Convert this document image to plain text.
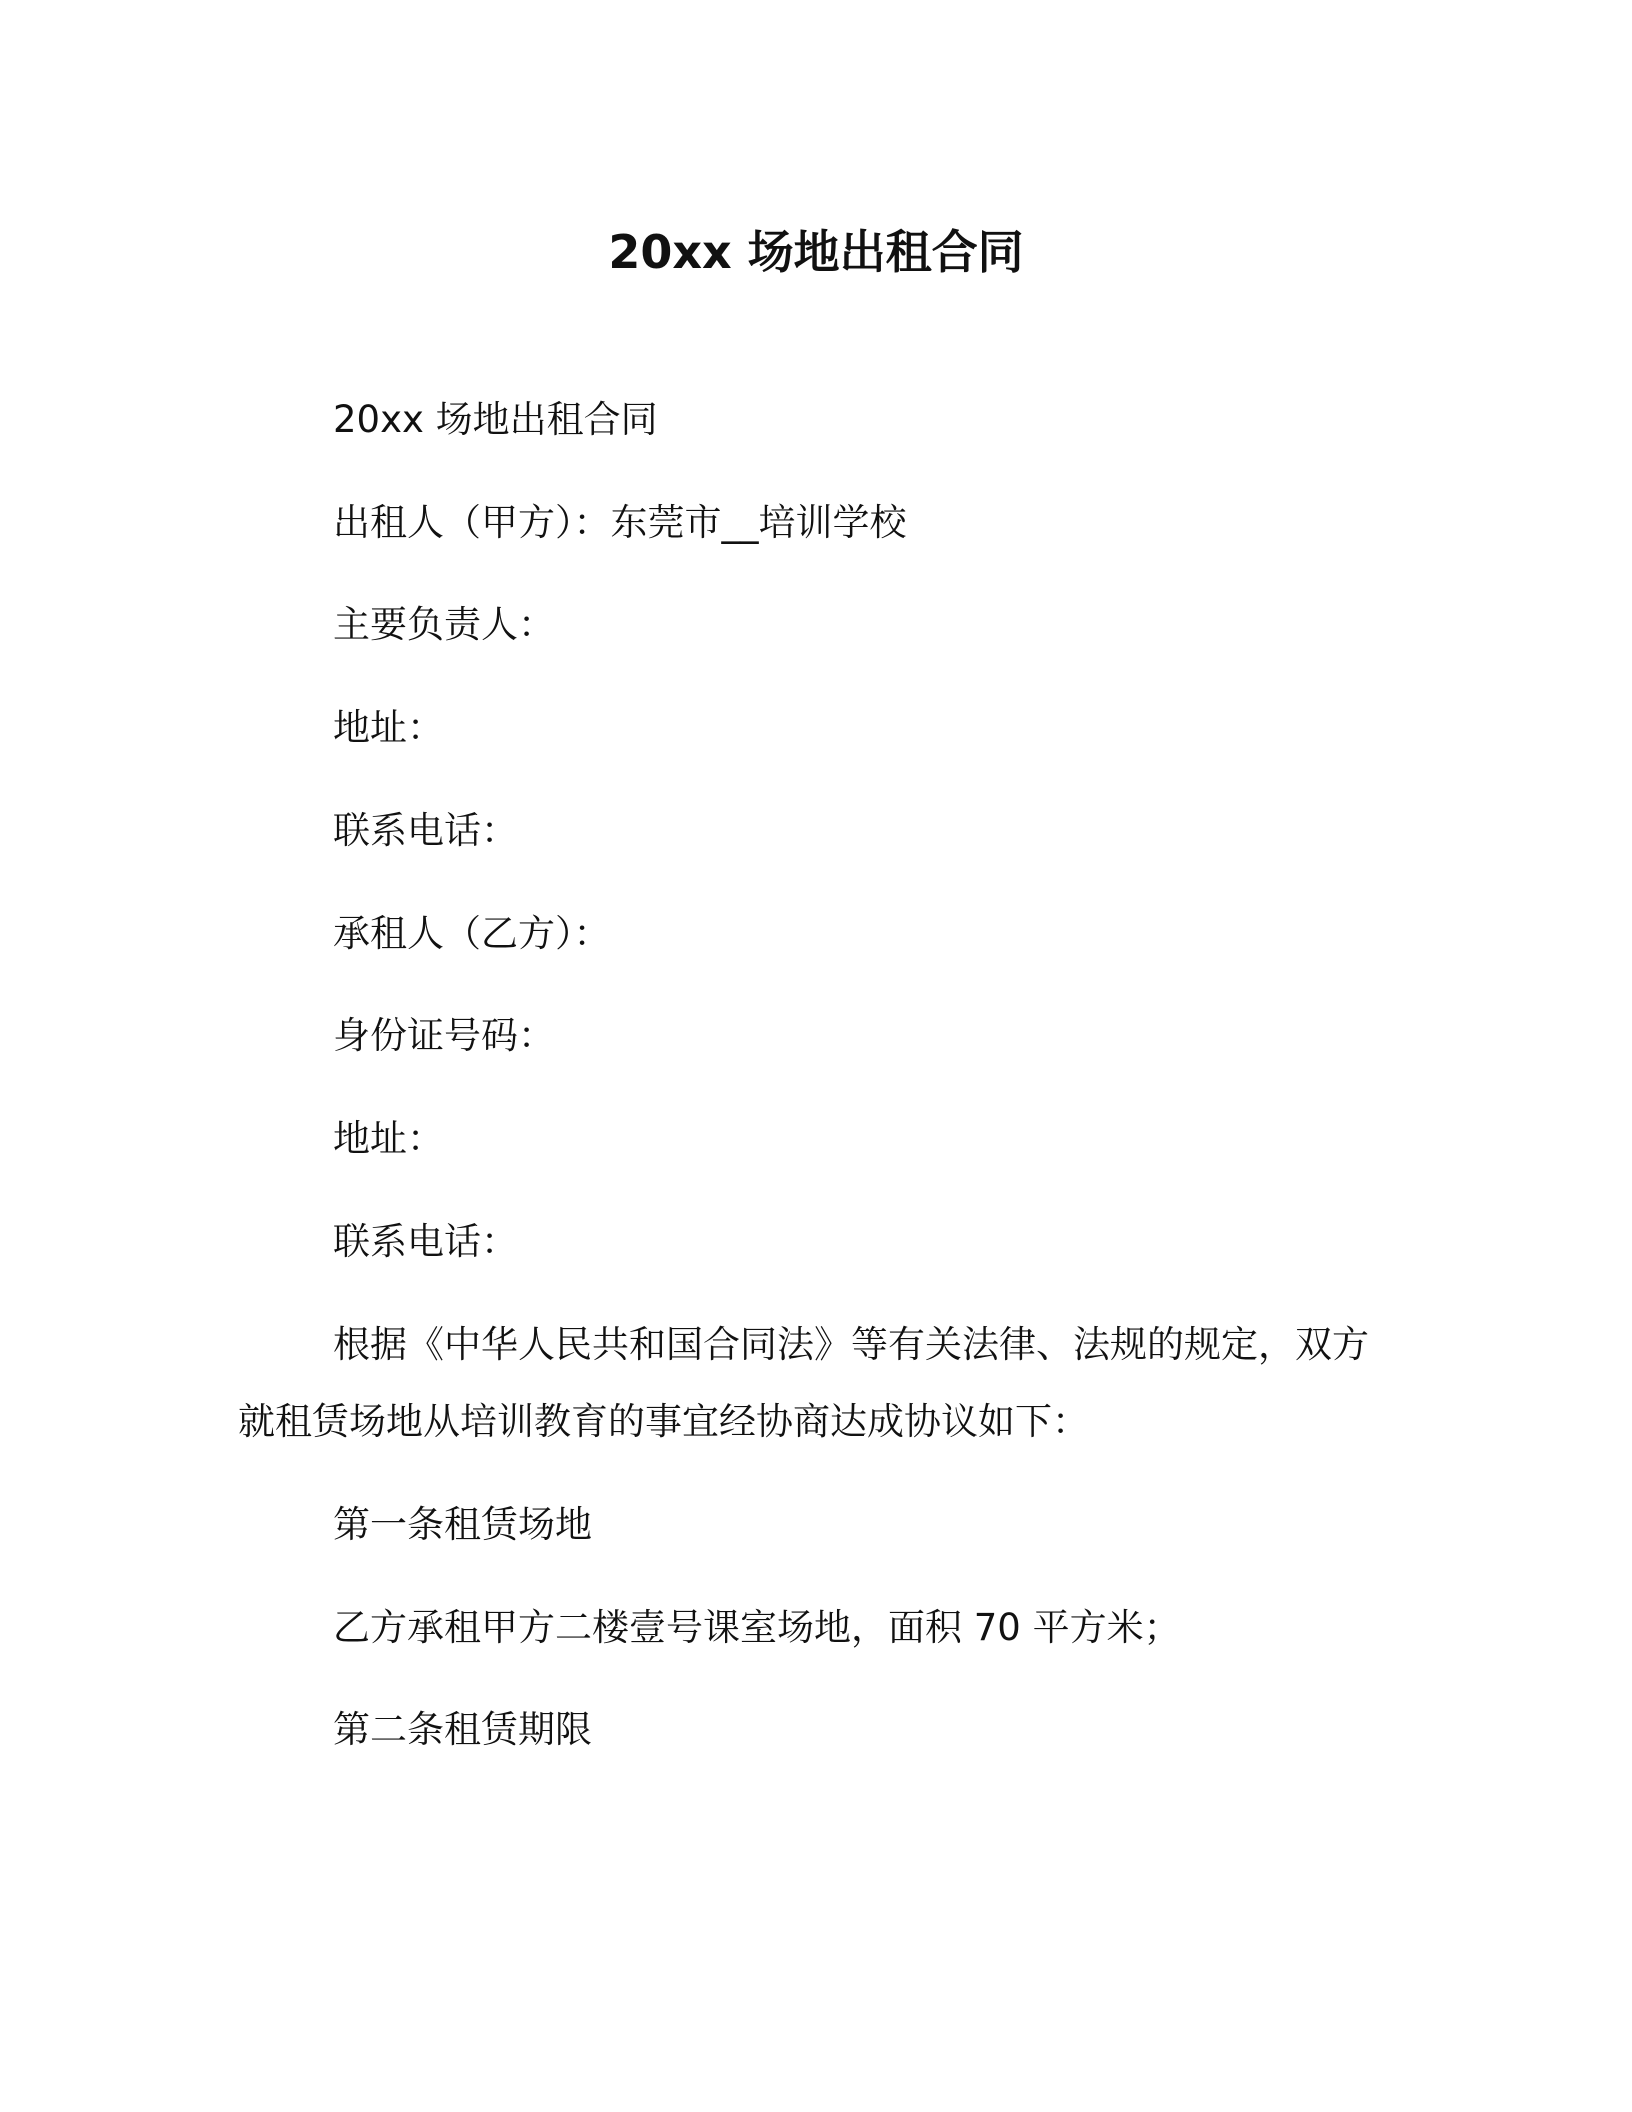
20xx 场地出租合同
20xx 场地出租合同
出租人（甲方）：东莞市__培训学校
主要负责人：
地址：
联系电话：
承租人（乙方）：
身份证号码：
地址：
联系电话：
根据《中华人民共和国合同法》等有关法律、法规的规定，双方
就租赁场地从培训教育的事宜经协商达成协议如下：
第一条租赁场地
乙方承租甲方二楼壹号课室场地，面积 70 平方米；
第二条租赁期限
